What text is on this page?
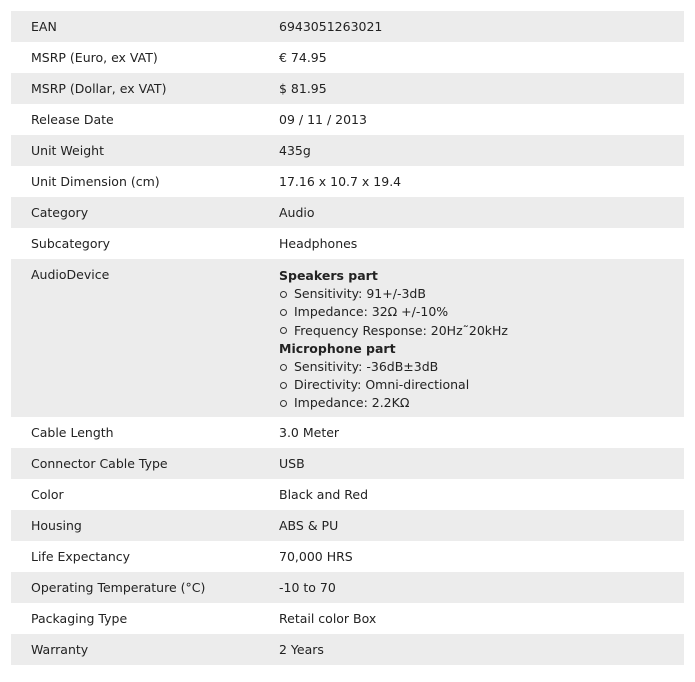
EAN	6943051263021
MSRP (Euro, ex VAT)	€ 74.95
MSRP (Dollar, ex VAT)	$ 81.95
Release Date	09 / 11 / 2013
Unit Weight	435g
Unit Dimension (cm)	17.16 x 10.7 x 19.4
Category	Audio
Subcategory	Headphones
AudioDevice	Speakers part
Sensitivity: 91+/-3dB
Impedance: 32Ω +/-10%
Frequency Response: 20Hz˜20kHz
Microphone part
Sensitivity: -36dB±3dB
Directivity: Omni-directional
Impedance: 2.2KΩ
Cable Length	3.0 Meter
Connector Cable Type	USB
Color	Black and Red
Housing	ABS & PU
Life Expectancy	70,000 HRS
Operating Temperature (°C)	-10 to 70
Packaging Type	Retail color Box
Warranty	2 Years
